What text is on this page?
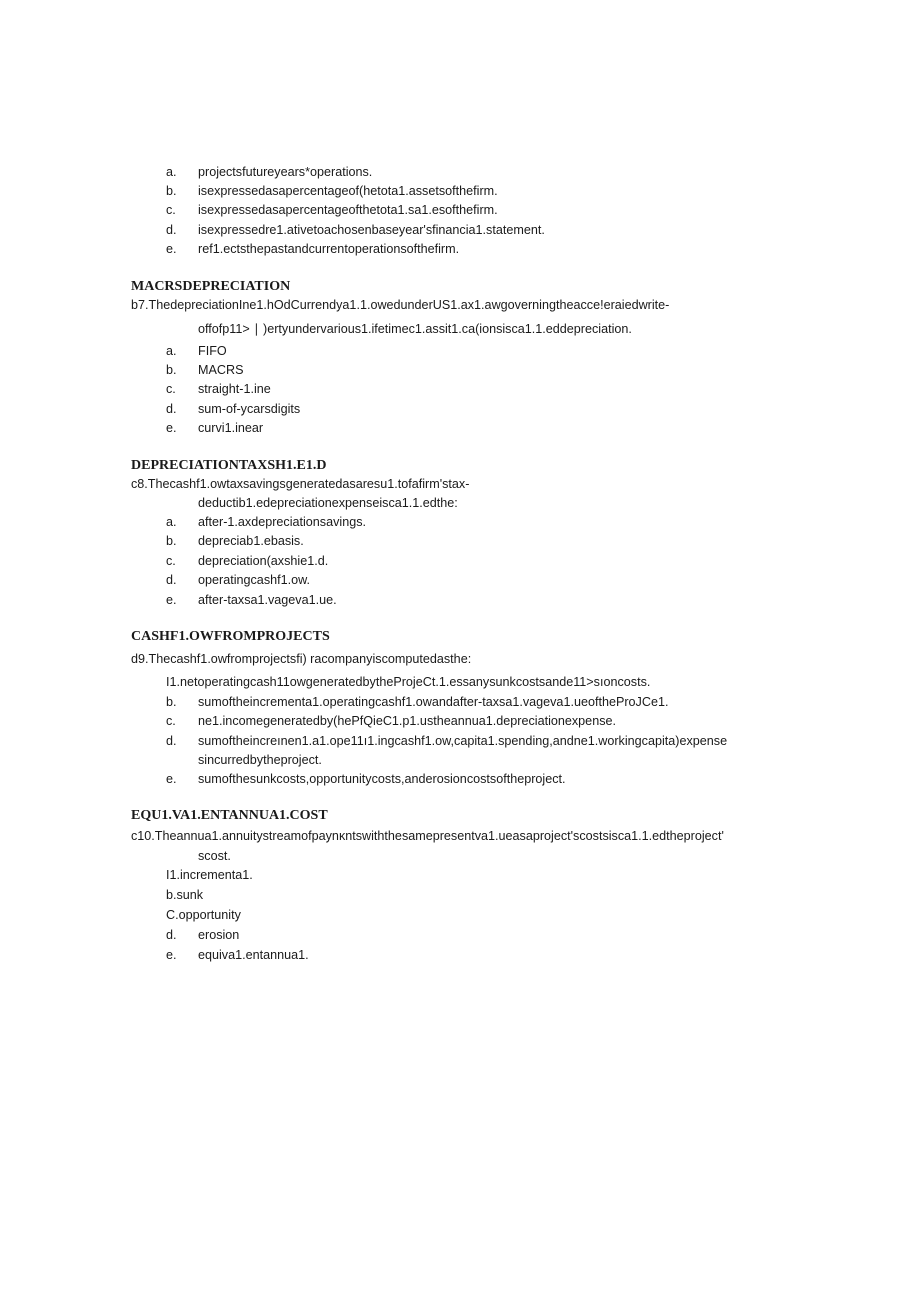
a. projectsfutureyears*operations.
b. isexpressedasapercentageof(hetota1.assetsofthefirm.
c. isexpressedasapercentageofthetota1.sa1.esofthefirm.
d. isexpressedre1.ativetoachosenbaseyear'sfinancia1.statement.
e. ref1.ectsthepastandcurrentoperationsofthefirm.
MACRSDEPRECIATION
b7.ThedepreciationIne1.hOdCurrendya1.1.owedunderUS1.ax1.awgoverningtheacce!eraiedwrite-
offofp11> ∣ )ertyundervarious1.ifetimec1.assit1.ca(ionsisca1.1.eddepreciation.
a. FIFO
b. MACRS
c. straight-1.ine
d. sum-of-ycarsdigits
e. curvi1.inear
DEPRECIATIONTAXSH1.E1.D
c8.Thecashf1.owtaxsavingsgeneratedasaresu1.tofafirm'stax-
deductib1.edepreciationexpenseisca1.1.edthe:
a. after-1.axdepreciationsavings.
b. depreciab1.ebasis.
c. depreciation(axshie1.d.
d. operatingcashf1.ow.
e. after-taxsa1.vageva1.ue.
CASHF1.OWFROMPROJECTS
d9.Thecashf1.owfromprojectsfi) racompanyiscomputedasthe:
I1.netoperatingcash11owgeneratedbytheProjeCt.1.essanysunkcostsande11>sıoncosts.
b. sumoftheincrementa1.operatingcashf1.owandafter-taxsa1.vageva1.ueoftheProJCe1.
c. ne1.incomegeneratedby(hePfQieC1.p1.ustheannua1.depreciationexpense.
d. sumoftheincreınen1.a1.ope11ı1.ingcashf1.ow,capita1.spending,andne1.workingcapita)expense
sincurredbytheproject.
e. sumofthesunkcosts,opportunitycosts,anderosioncostsoftheproject.
EQU1.VA1.ENTANNUA1.COST
c10.Theannua1.annuitystreamofpaynκntswiththesamepresentva1.ueasaproject'scostsisca1.1.edtheproject'
scost.
I1.incrementa1.
b.sunk
C.opportunity
d. erosion
e. equiva1.entannua1.
